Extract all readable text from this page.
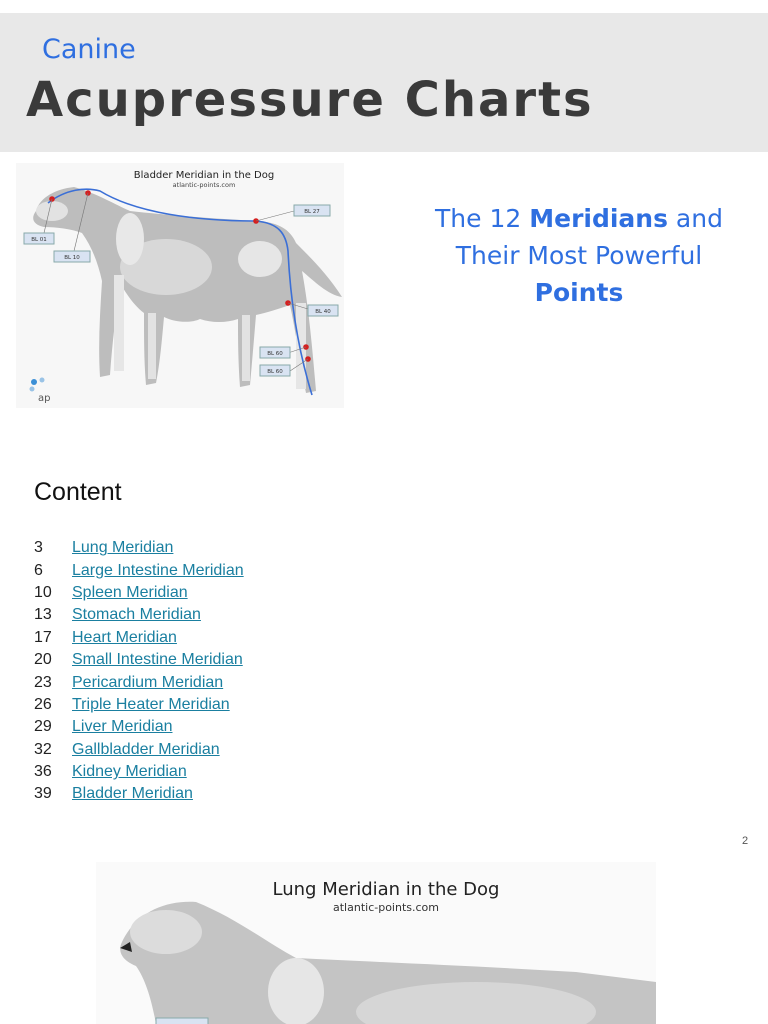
Canine
Acupressure Charts
Bladder Meridian in the Dog
atlantic-points.com
BL 01
BL 10
BL 27
BL 40
BL 60
BL 60
ap
The 12 Meridians and
Their Most Powerful
Points
Content
3	Lung Meridian
6	Large Intestine Meridian
10	Spleen Meridian
13	Stomach Meridian
17	Heart Meridian
20	Small Intestine Meridian
23	Pericardium Meridian
26	Triple Heater Meridian
29	Liver Meridian
32	Gallbladder Meridian
36	Kidney Meridian
39	Bladder Meridian
2
Lung Meridian in the Dog
atlantic-points.com
